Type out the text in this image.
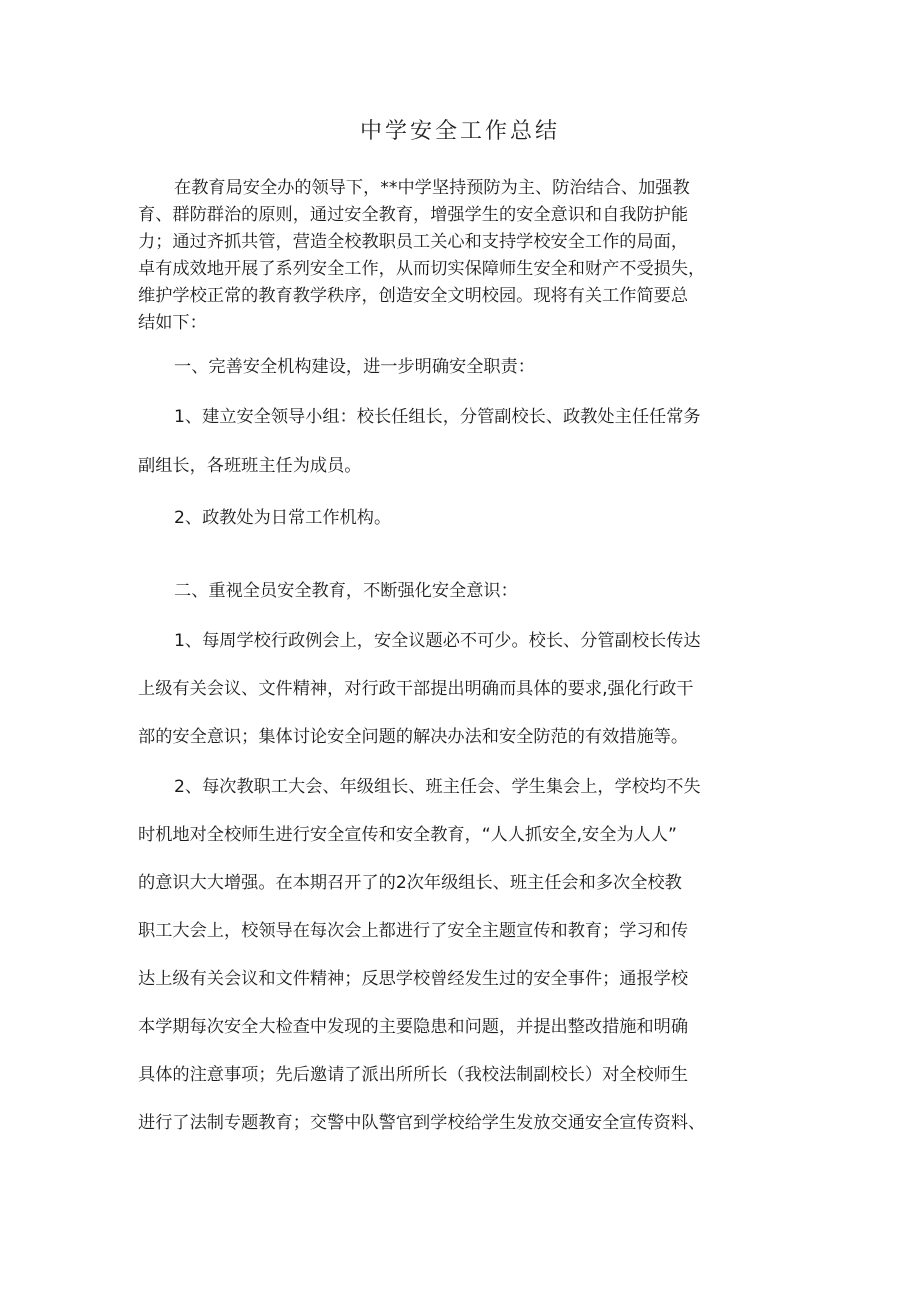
中学安全工作总结
在教育局安全办的领导下，**中学坚持预防为主、防治结合、加强教
育、群防群治的原则，通过安全教育，增强学生的安全意识和自我防护能
力；通过齐抓共管，营造全校教职员工关心和支持学校安全工作的局面，
卓有成效地开展了系列安全工作，从而切实保障师生安全和财产不受损失，
维护学校正常的教育教学秩序，创造安全文明校园。现将有关工作简要总
结如下：
一、完善安全机构建设，进一步明确安全职责：
1、建立安全领导小组：校长任组长，分管副校长、政教处主任任常务
副组长，各班班主任为成员。
2、政教处为日常工作机构。
二、重视全员安全教育，不断强化安全意识：
1、每周学校行政例会上，安全议题必不可少。校长、分管副校长传达
上级有关会议、文件精神，对行政干部提出明确而具体的要求,强化行政干
部的安全意识；集体讨论安全问题的解决办法和安全防范的有效措施等。
2、每次教职工大会、年级组长、班主任会、学生集会上，学校均不失
时机地对全校师生进行安全宣传和安全教育，“人人抓安全,安全为人人”
的意识大大增强。在本期召开了的2次年级组长、班主任会和多次全校教
职工大会上，校领导在每次会上都进行了安全主题宣传和教育；学习和传
达上级有关会议和文件精神；反思学校曾经发生过的安全事件；通报学校
本学期每次安全大检查中发现的主要隐患和问题，并提出整改措施和明确
具体的注意事项；先后邀请了派出所所长（我校法制副校长）对全校师生
进行了法制专题教育；交警中队警官到学校给学生发放交通安全宣传资料、
